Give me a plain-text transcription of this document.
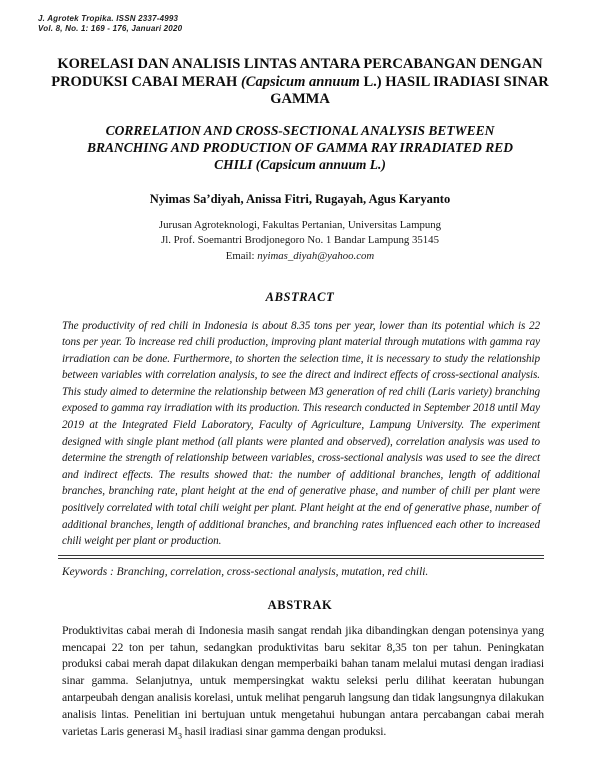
J. Agrotek Tropika. ISSN 2337-4993
Vol. 8, No. 1: 169 - 176, Januari 2020
KORELASI DAN ANALISIS LINTAS ANTARA PERCABANGAN DENGAN PRODUKSI CABAI MERAH (Capsicum annuum L.) HASIL IRADIASI SINAR GAMMA
CORRELATION AND CROSS-SECTIONAL ANALYSIS BETWEEN BRANCHING AND PRODUCTION OF GAMMA RAY IRRADIATED RED CHILI (Capsicum annuum L.)
Nyimas Sa’diyah, Anissa Fitri, Rugayah, Agus Karyanto
Jurusan Agroteknologi, Fakultas Pertanian, Universitas Lampung
Jl. Prof. Soemantri Brodjonegoro No. 1 Bandar Lampung 35145
Email: nyimas_diyah@yahoo.com
ABSTRACT

The productivity of red chili in Indonesia is about 8.35 tons per year, lower than its potential which is 22 tons per year. To increase red chili production, improving plant material through mutations with gamma ray irradiation can be done. Furthermore, to shorten the selection time, it is necessary to study the relationship between variables with correlation analysis, to see the direct and indirect effects of cross-sectional analysis. This study aimed to determine the relationship between M3 generation of red chili (Laris variety) branching exposed to gamma ray irradiation with its production. This research conducted in September 2018 until May 2019 at the Integrated Field Laboratory, Faculty of Agriculture, Lampung University. The experiment designed with single plant method (all plants were planted and observed), correlation analysis was used to determine the strength of relationship between variables, cross-sectional analysis was used to see the direct and indirect effects. The results showed that: the number of additional branches, length of additional branches, branching rate, plant height at the end of generative phase, and number of chili per plant were positively correlated with total chili weight per plant. Plant height at the end of generative phase, number of additional branches, length of additional branches, and branching rates influenced each other to increased chili weight per plant or production.

Keywords : Branching, correlation, cross-sectional analysis, mutation, red chili.

ABSTRAK

Produktivitas cabai merah di Indonesia masih sangat rendah jika dibandingkan dengan potensinya yang mencapai 22 ton per tahun, sedangkan produktivitas baru sekitar 8,35 ton per tahun. Peningkatan produksi cabai merah dapat dilakukan dengan memperbaiki bahan tanam melalui mutasi dengan iradiasi sinar gamma. Selanjutnya, untuk mempersingkat waktu seleksi perlu dilihat keeratan hubungan antarpeubah dengan analisis korelasi, untuk melihat pengaruh langsung dan tidak langsungnya dilakukan analisis lintas. Penelitian ini bertujuan untuk mengetahui hubungan antara percabangan cabai merah varietas Laris generasi $M_3$ hasil iradiasi sinar gamma dengan produksi.
